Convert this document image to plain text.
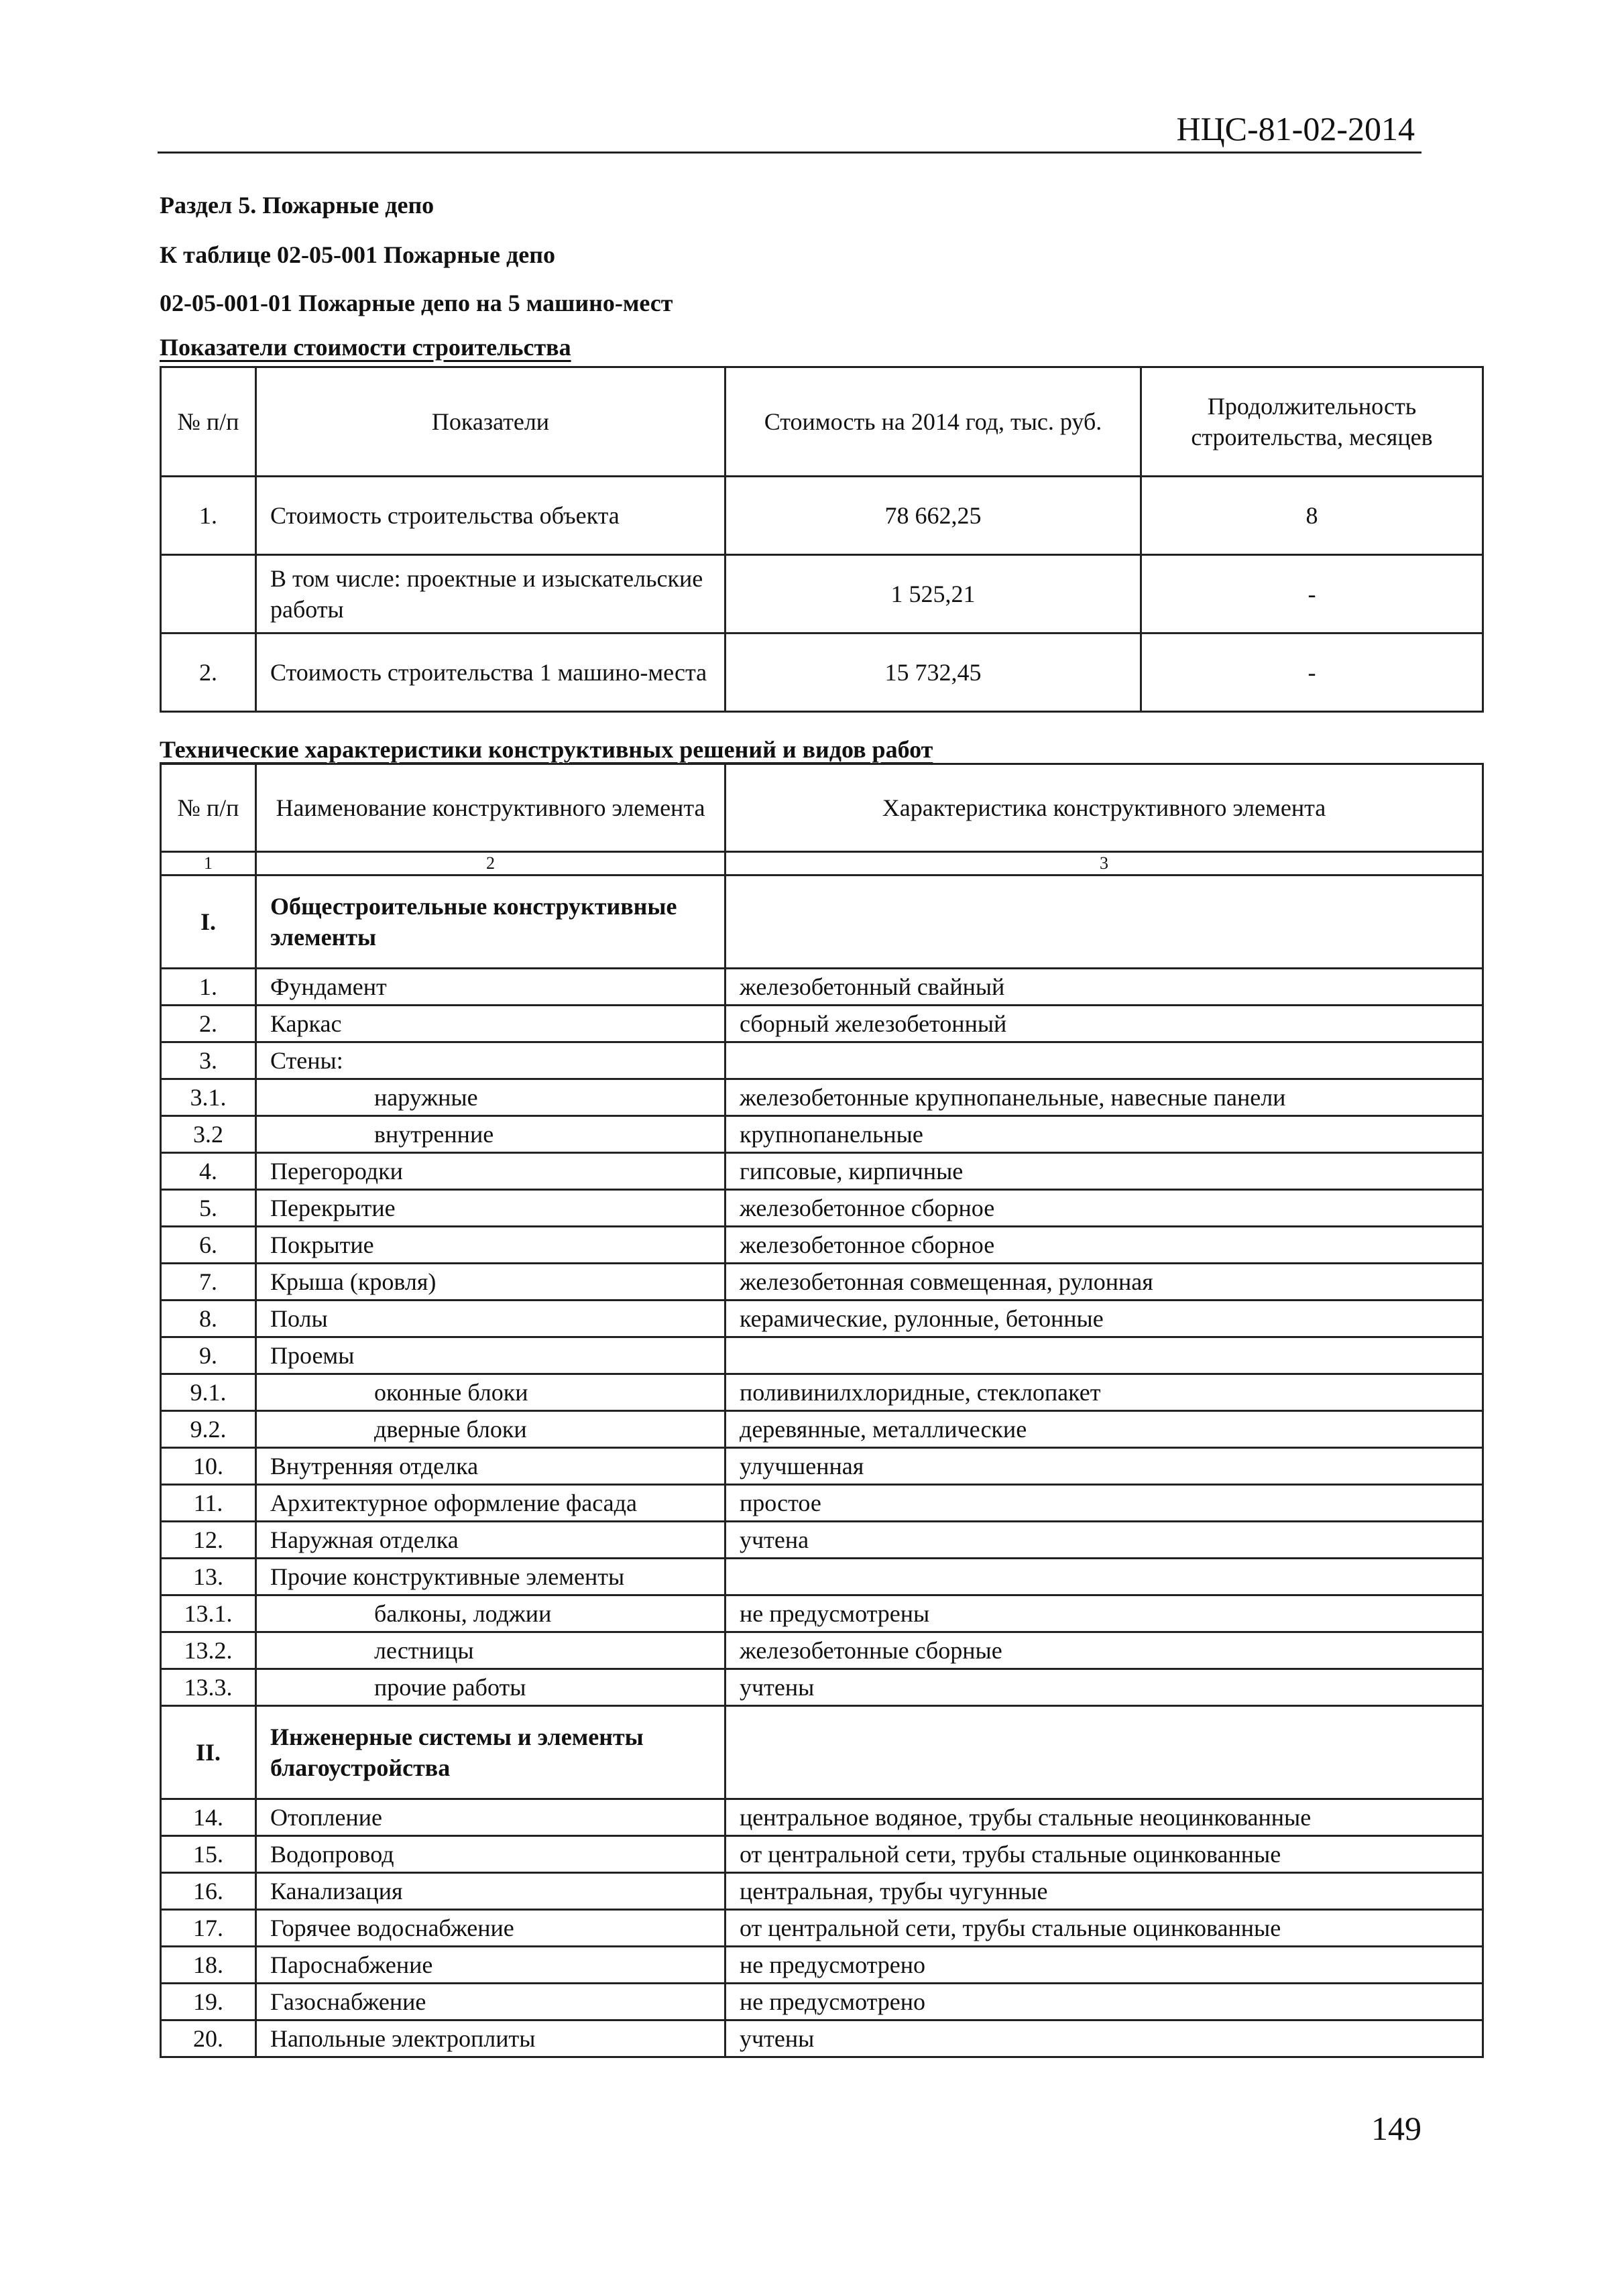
НЦС-81-02-2014
Раздел 5. Пожарные депо
К таблице 02-05-001 Пожарные депо
02-05-001-01 Пожарные депо на 5 машино-мест
Показатели стоимости строительства
№ п/п	Показатели	Стоимость на 2014 год, тыс. руб.	Продолжительность строительства, месяцев
1.	Стоимость строительства объекта	78 662,25	8
	В том числе: проектные и изыскательские работы	1 525,21	-
2.	Стоимость строительства 1 машино-места	15 732,45	-
Технические характеристики конструктивных решений и видов работ
№ п/п	Наименование конструктивного элемента	Характеристика конструктивного элемента
1	2	3
I.	Общестроительные конструктивные элементы	
1.	Фундамент	железобетонный свайный
2.	Каркас	сборный железобетонный
3.	Стены:	
3.1.	наружные	железобетонные крупнопанельные, навесные панели
3.2	внутренние	крупнопанельные
4.	Перегородки	гипсовые, кирпичные
5.	Перекрытие	железобетонное сборное
6.	Покрытие	железобетонное сборное
7.	Крыша (кровля)	железобетонная совмещенная, рулонная
8.	Полы	керамические, рулонные, бетонные
9.	Проемы	
9.1.	оконные блоки	поливинилхлоридные, стеклопакет
9.2.	дверные блоки	деревянные, металлические
10.	Внутренняя отделка	улучшенная
11.	Архитектурное оформление фасада	простое
12.	Наружная отделка	учтена
13.	Прочие конструктивные элементы	
13.1.	балконы, лоджии	не предусмотрены
13.2.	лестницы	железобетонные сборные
13.3.	прочие работы	учтены
II.	Инженерные системы и элементы благоустройства	
14.	Отопление	центральное водяное, трубы стальные неоцинкованные
15.	Водопровод	от центральной сети, трубы стальные оцинкованные
16.	Канализация	центральная, трубы чугунные
17.	Горячее водоснабжение	от центральной сети, трубы стальные оцинкованные
18.	Пароснабжение	не предусмотрено
19.	Газоснабжение	не предусмотрено
20.	Напольные электроплиты	учтены
149
